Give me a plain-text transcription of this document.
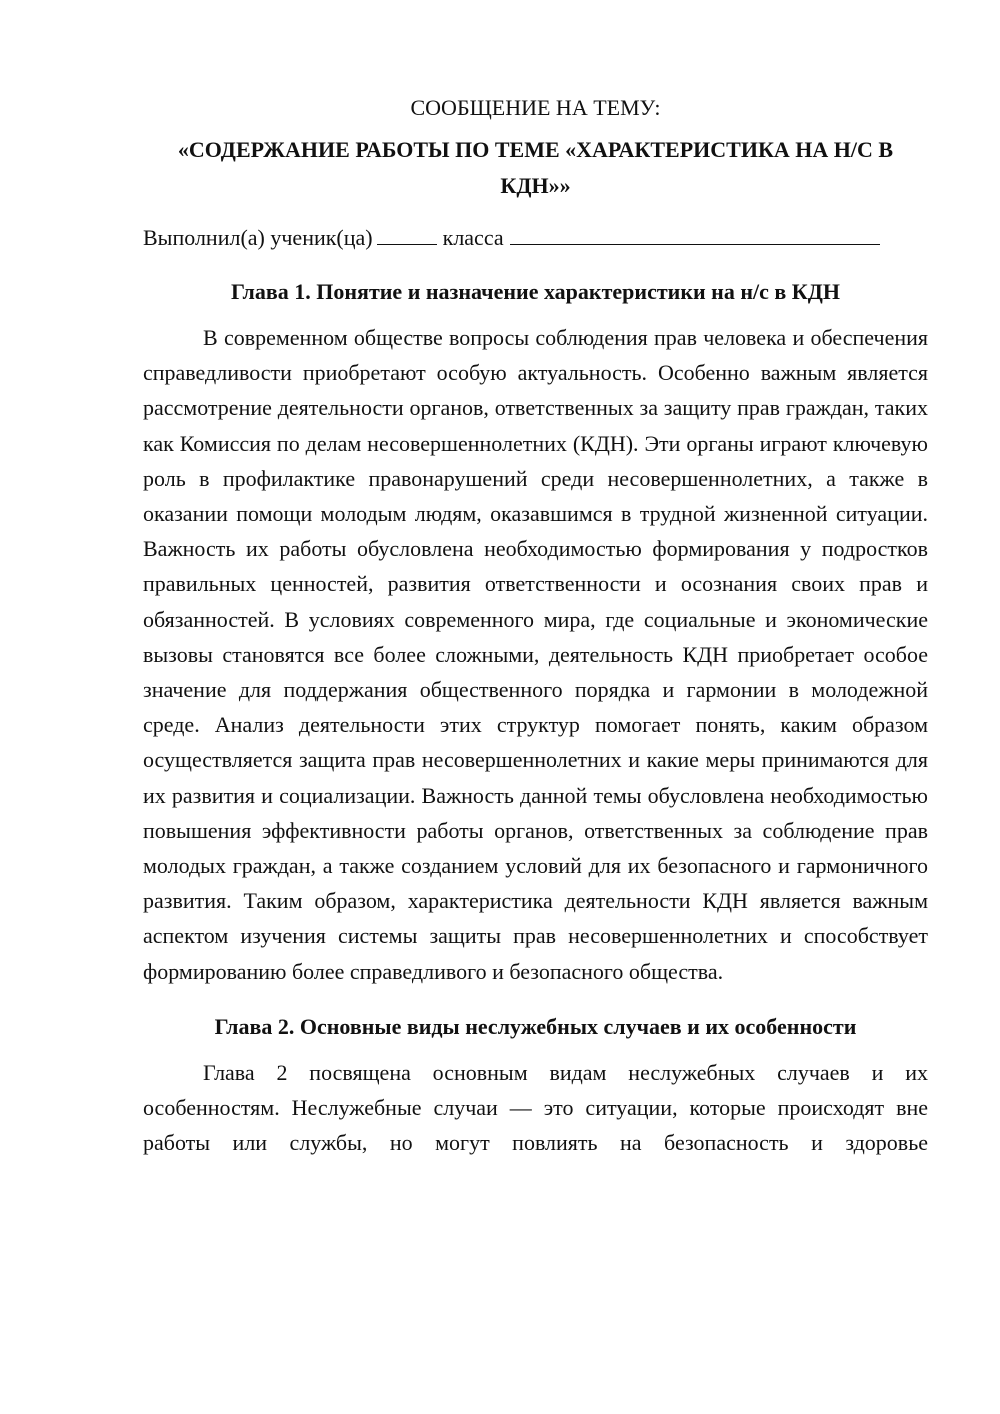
СООБЩЕНИЕ НА ТЕМУ:

«СОДЕРЖАНИЕ РАБОТЫ ПО ТЕМЕ «ХАРАКТЕРИСТИКА НА Н/С В КДН»»

Выполнил(а) ученик(ца)	класса

Глава 1. Понятие и назначение характеристики на н/с в КДН

В современном обществе вопросы соблюдения прав человека и обеспечения справедливости приобретают особую актуальность. Особенно важным является рассмотрение деятельности органов, ответственных за защиту прав граждан, таких как Комиссия по делам несовершеннолетних (КДН). Эти органы играют ключевую роль в профилактике правонарушений среди несовершеннолетних, а также в оказании помощи молодым людям, оказавшимся в трудной жизненной ситуации. Важность их работы обусловлена необходимостью формирования у подростков правильных ценностей, развития ответственности и осознания своих прав и обязанностей. В условиях современного мира, где социальные и экономические вызовы становятся все более сложными, деятельность КДН приобретает особое значение для поддержания общественного порядка и гармонии в молодежной среде. Анализ деятельности этих структур помогает понять, каким образом осуществляется защита прав несовершеннолетних и какие меры принимаются для их развития и социализации. Важность данной темы обусловлена необходимостью повышения эффективности работы органов, ответственных за соблюдение прав молодых граждан, а также созданием условий для их безопасного и гармоничного развития. Таким образом, характеристика деятельности КДН является важным аспектом изучения системы защиты прав несовершеннолетних и способствует формированию более справедливого и безопасного общества.

Глава 2. Основные виды неслужебных случаев и их особенности

Глава 2 посвящена основным видам неслужебных случаев и их особенностям. Неслужебные случаи — это ситуации, которые происходят вне работы или службы, но могут повлиять на безопасность и здоровье
